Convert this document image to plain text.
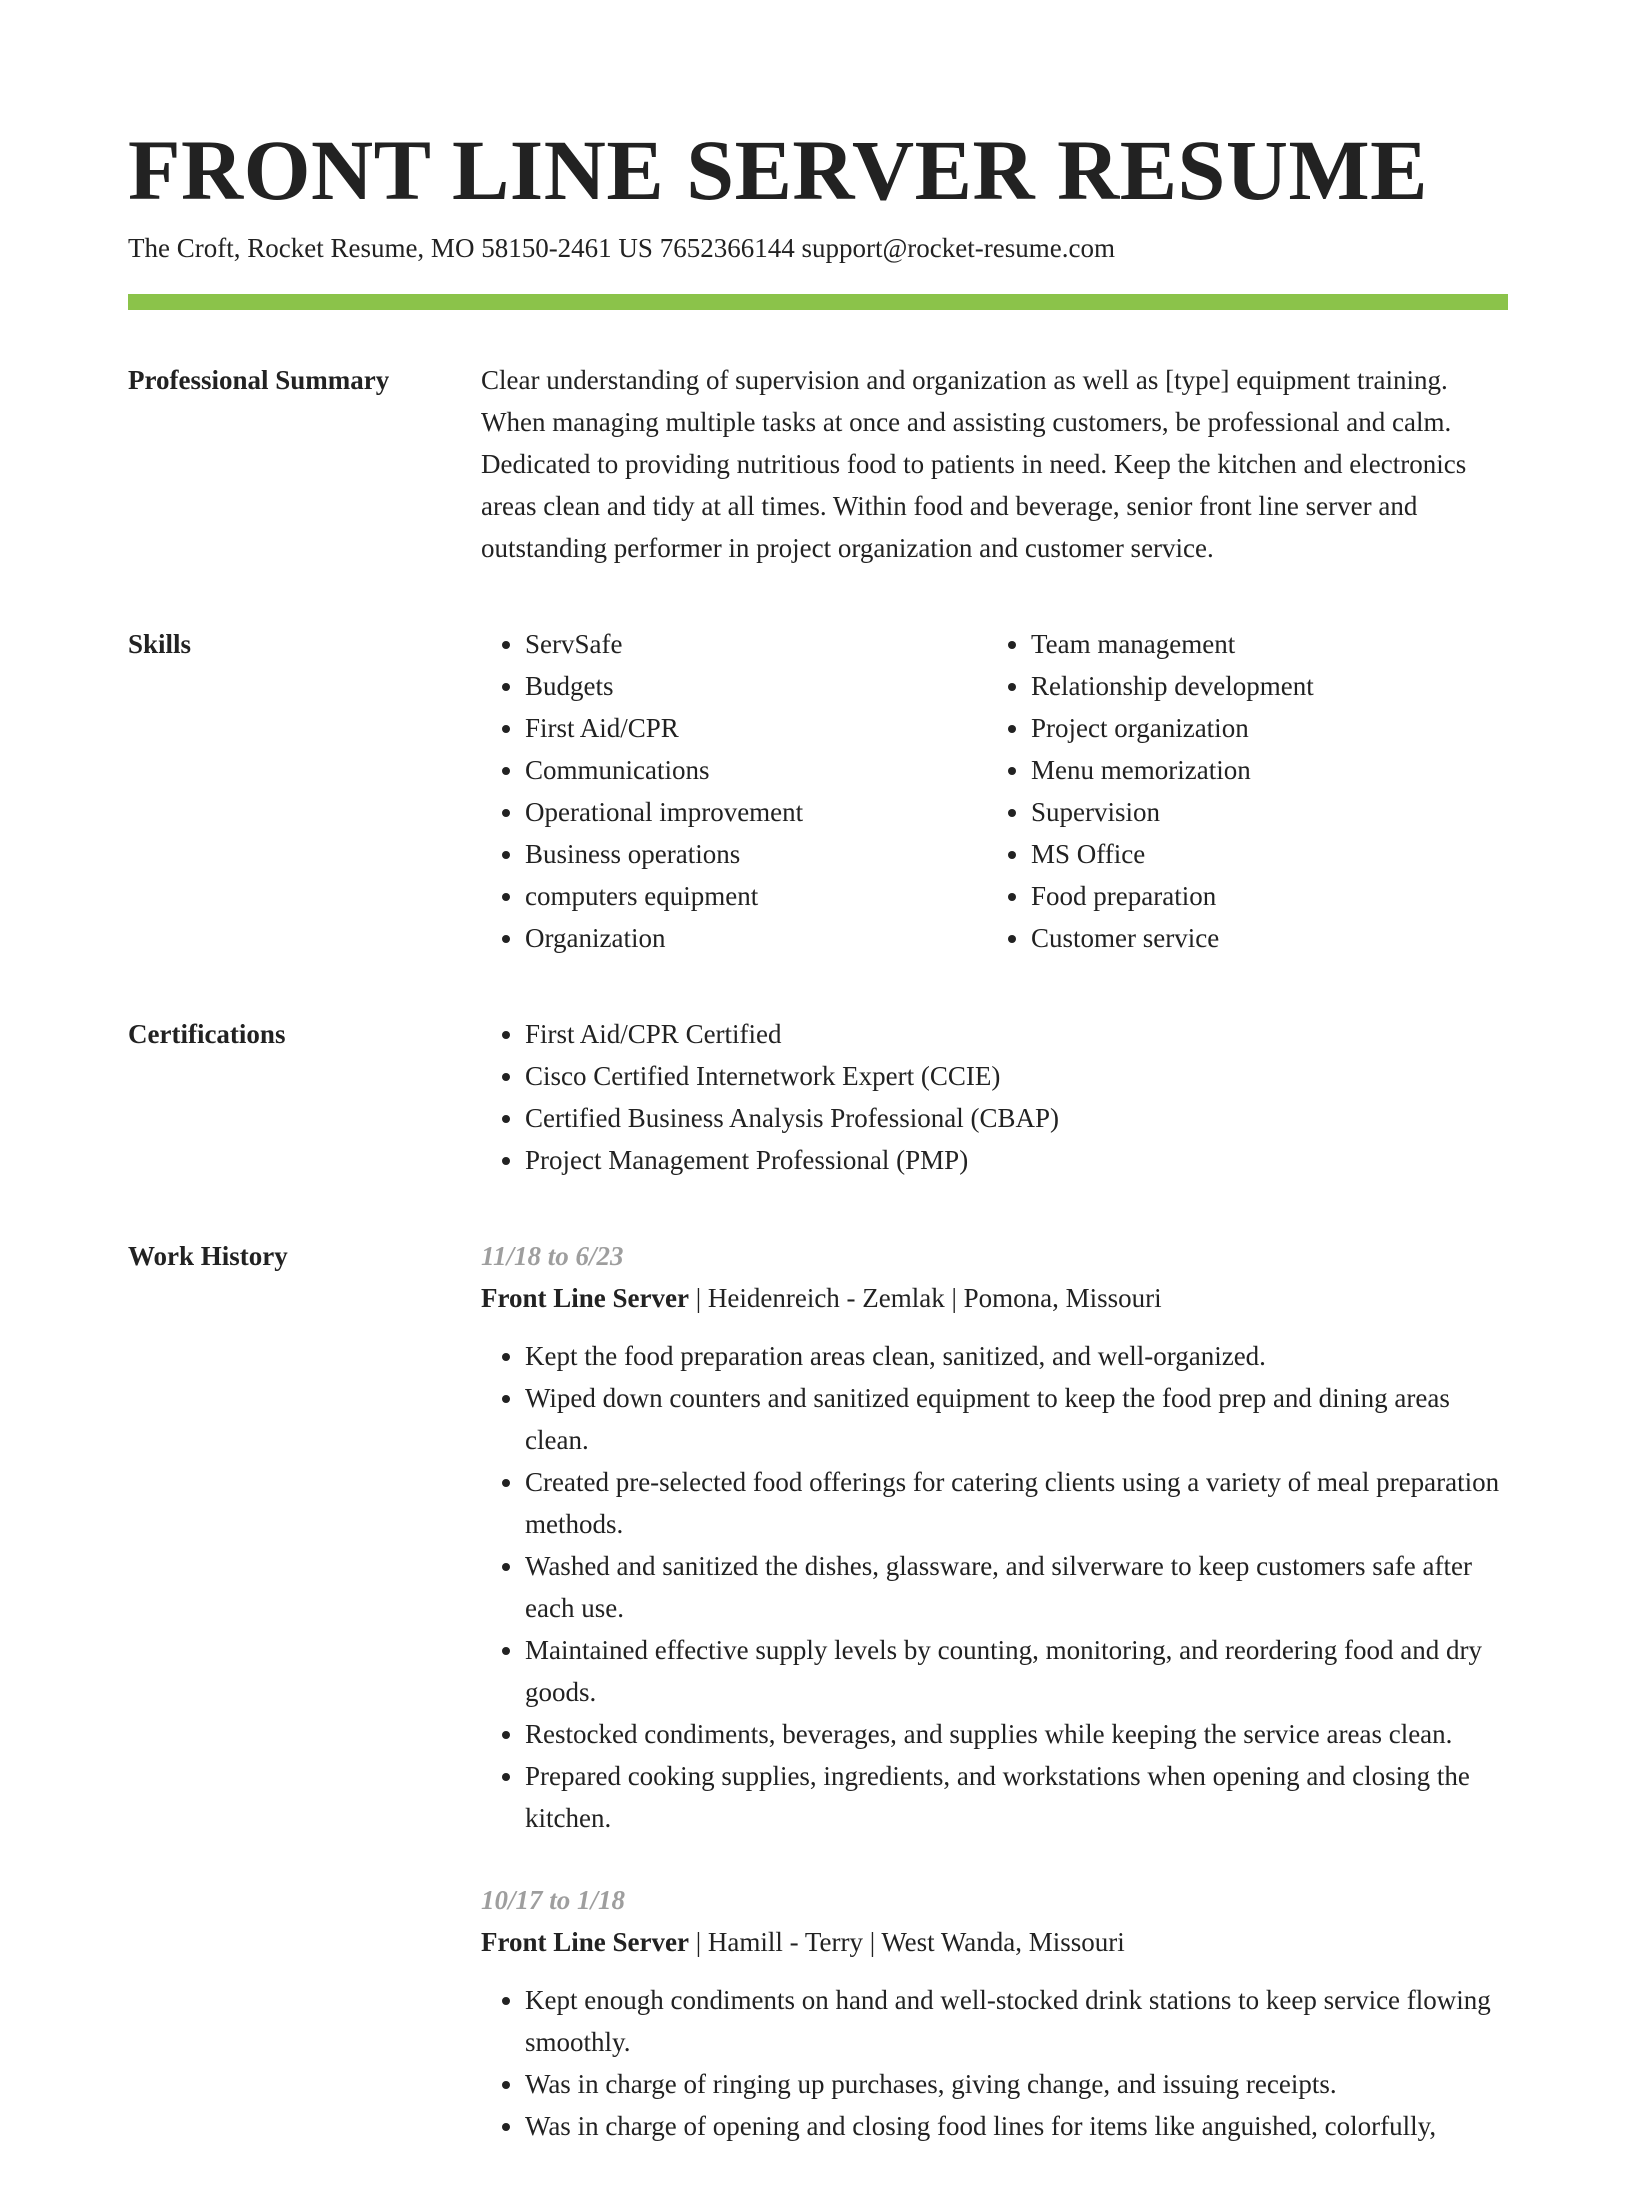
FRONT LINE SERVER RESUME
The Croft, Rocket Resume, MO 58150-2461 US 7652366144 support@rocket-resume.com
Professional Summary	Clear understanding of supervision and organization as well as [type] equipment training. When managing multiple tasks at once and assisting customers, be professional and calm. Dedicated to providing nutritious food to patients in need. Keep the kitchen and electronics areas clean and tidy at all times. Within food and beverage, senior front line server and outstanding performer in project organization and customer service.

Skills	• ServSafe
• Budgets
• First Aid/CPR
• Communications
• Operational improvement
• Business operations
• computers equipment
• Organization
• Team management
• Relationship development
• Project organization
• Menu memorization
• Supervision
• MS Office
• Food preparation
• Customer service
Certifications	• First Aid/CPR Certified
• Cisco Certified Internetwork Expert (CCIE)
• Certified Business Analysis Professional (CBAP)
• Project Management Professional (PMP)
Work History	11/18 to 6/23
Front Line Server | Heidenreich - Zemlak | Pomona, Missouri
• Kept the food preparation areas clean, sanitized, and well-organized.
• Wiped down counters and sanitized equipment to keep the food prep and dining areas clean.
• Created pre-selected food offerings for catering clients using a variety of meal preparation methods.
• Washed and sanitized the dishes, glassware, and silverware to keep customers safe after each use.
• Maintained effective supply levels by counting, monitoring, and reordering food and dry goods.
• Restocked condiments, beverages, and supplies while keeping the service areas clean.
• Prepared cooking supplies, ingredients, and workstations when opening and closing the kitchen.
10/17 to 1/18
Front Line Server | Hamill - Terry | West Wanda, Missouri
• Kept enough condiments on hand and well-stocked drink stations to keep service flowing smoothly.
• Was in charge of ringing up purchases, giving change, and issuing receipts.
• Was in charge of opening and closing food lines for items like anguished, colorfully,
